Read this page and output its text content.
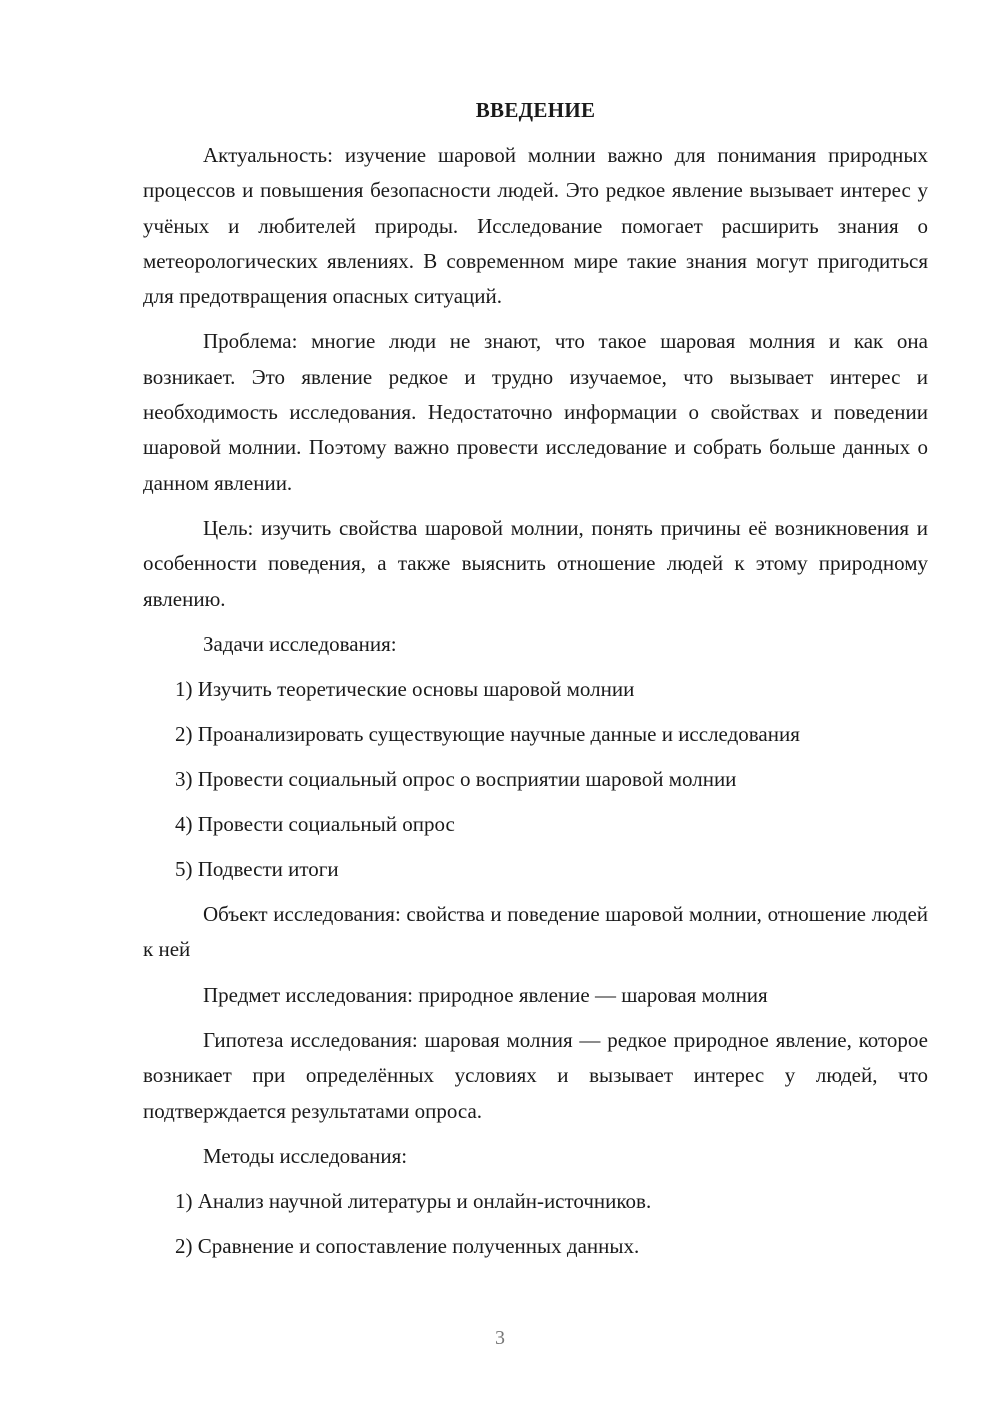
ВВЕДЕНИЕ

Актуальность: изучение шаровой молнии важно для понимания природных процессов и повышения безопасности людей. Это редкое явление вызывает интерес у учёных и любителей природы. Исследование помогает расширить знания о метеорологических явлениях. В современном мире такие знания могут пригодиться для предотвращения опасных ситуаций.

Проблема: многие люди не знают, что такое шаровая молния и как она возникает. Это явление редкое и трудно изучаемое, что вызывает интерес и необходимость исследования. Недостаточно информации о свойствах и поведении шаровой молнии. Поэтому важно провести исследование и собрать больше данных о данном явлении.

Цель: изучить свойства шаровой молнии, понять причины её возникновения и особенности поведения, а также выяснить отношение людей к этому природному явлению.

Задачи исследования:

1) Изучить теоретические основы шаровой молнии
2) Проанализировать существующие научные данные и исследования
3) Провести социальный опрос о восприятии шаровой молнии
4) Провести социальный опрос
5) Подвести итоги

Объект исследования: свойства и поведение шаровой молнии, отношение людей к ней

Предмет исследования: природное явление — шаровая молния

Гипотеза исследования: шаровая молния — редкое природное явление, которое возникает при определённых условиях и вызывает интерес у людей, что подтверждается результатами опроса.

Методы исследования:

1) Анализ научной литературы и онлайн-источников.
2) Сравнение и сопоставление полученных данных.
3
